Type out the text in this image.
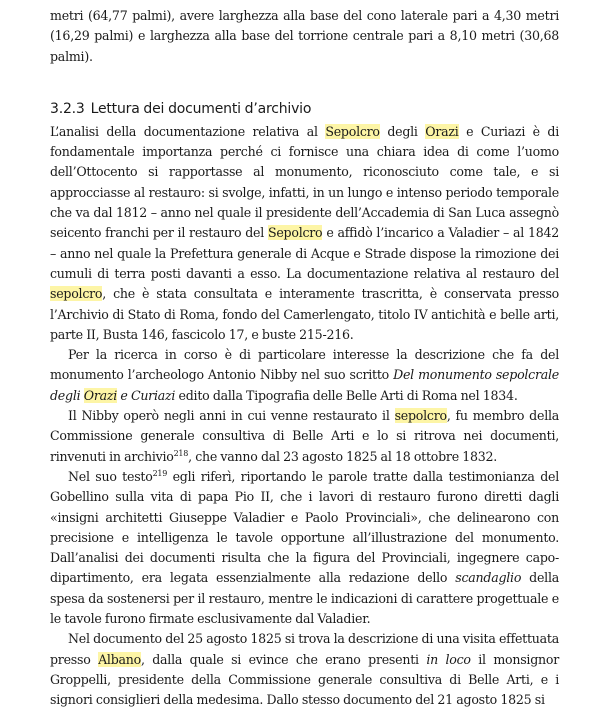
metri (64,77 palmi), avere larghezza alla base del cono laterale pari a 4,30 metri (16,29 palmi) e larghezza alla base del torrione centrale pari a 8,10 metri (30,68 palmi).

3.2.3 Lettura dei documenti d’archivio

L’analisi della documentazione relativa al Sepolcro degli Orazi e Curiazi è di fondamentale importanza perché ci fornisce una chiara idea di come l’uomo dell’Ottocento si rapportasse al monumento, riconosciuto come tale, e si approcciasse al restauro: si svolge, infatti, in un lungo e intenso periodo temporale che va dal 1812 – anno nel quale il presidente dell’Accademia di San Luca assegnò seicento franchi per il restauro del Sepolcro e affidò l’incarico a Valadier – al 1842 – anno nel quale la Prefettura generale di Acque e Strade dispose la rimozione dei cumuli di terra posti davanti a esso. La documentazione relativa al restauro del sepolcro, che è stata consultata e interamente trascritta, è conservata presso l’Archivio di Stato di Roma, fondo del Camerlengato, titolo IV antichità e belle arti, parte II, Busta 146, fascicolo 17, e buste 215-216.

Per la ricerca in corso è di particolare interesse la descrizione che fa del monumento l’archeologo Antonio Nibby nel suo scritto Del monumento sepolcrale degli Orazi e Curiazi edito dalla Tipografia delle Belle Arti di Roma nel 1834.

Il Nibby operò negli anni in cui venne restaurato il sepolcro, fu membro della Commissione generale consultiva di Belle Arti e lo si ritrova nei documenti, rinvenuti in archivio$^{218}$, che vanno dal 23 agosto 1825 al 18 ottobre 1832.

Nel suo testo$^{219}$ egli riferì, riportando le parole tratte dalla testimonianza del Gobellino sulla vita di papa Pio II, che i lavori di restauro furono diretti dagli «insigni architetti Giuseppe Valadier e Paolo Provinciali», che delinearono con precisione e intelligenza le tavole opportune all’illustrazione del monumento. Dall’analisi dei documenti risulta che la figura del Provinciali, ingegnere capo-dipartimento, era legata essenzialmente alla redazione dello scandaglio della spesa da sostenersi per il restauro, mentre le indicazioni di carattere progettuale e le tavole furono firmate esclusivamente dal Valadier.

Nel documento del 25 agosto 1825 si trova la descrizione di una visita effettuata presso Albano, dalla quale si evince che erano presenti in loco il monsignor Groppelli, presidente della Commissione generale consultiva di Belle Arti, e i signori consiglieri della medesima. Dallo stesso documento del 21 agosto 1825 si
